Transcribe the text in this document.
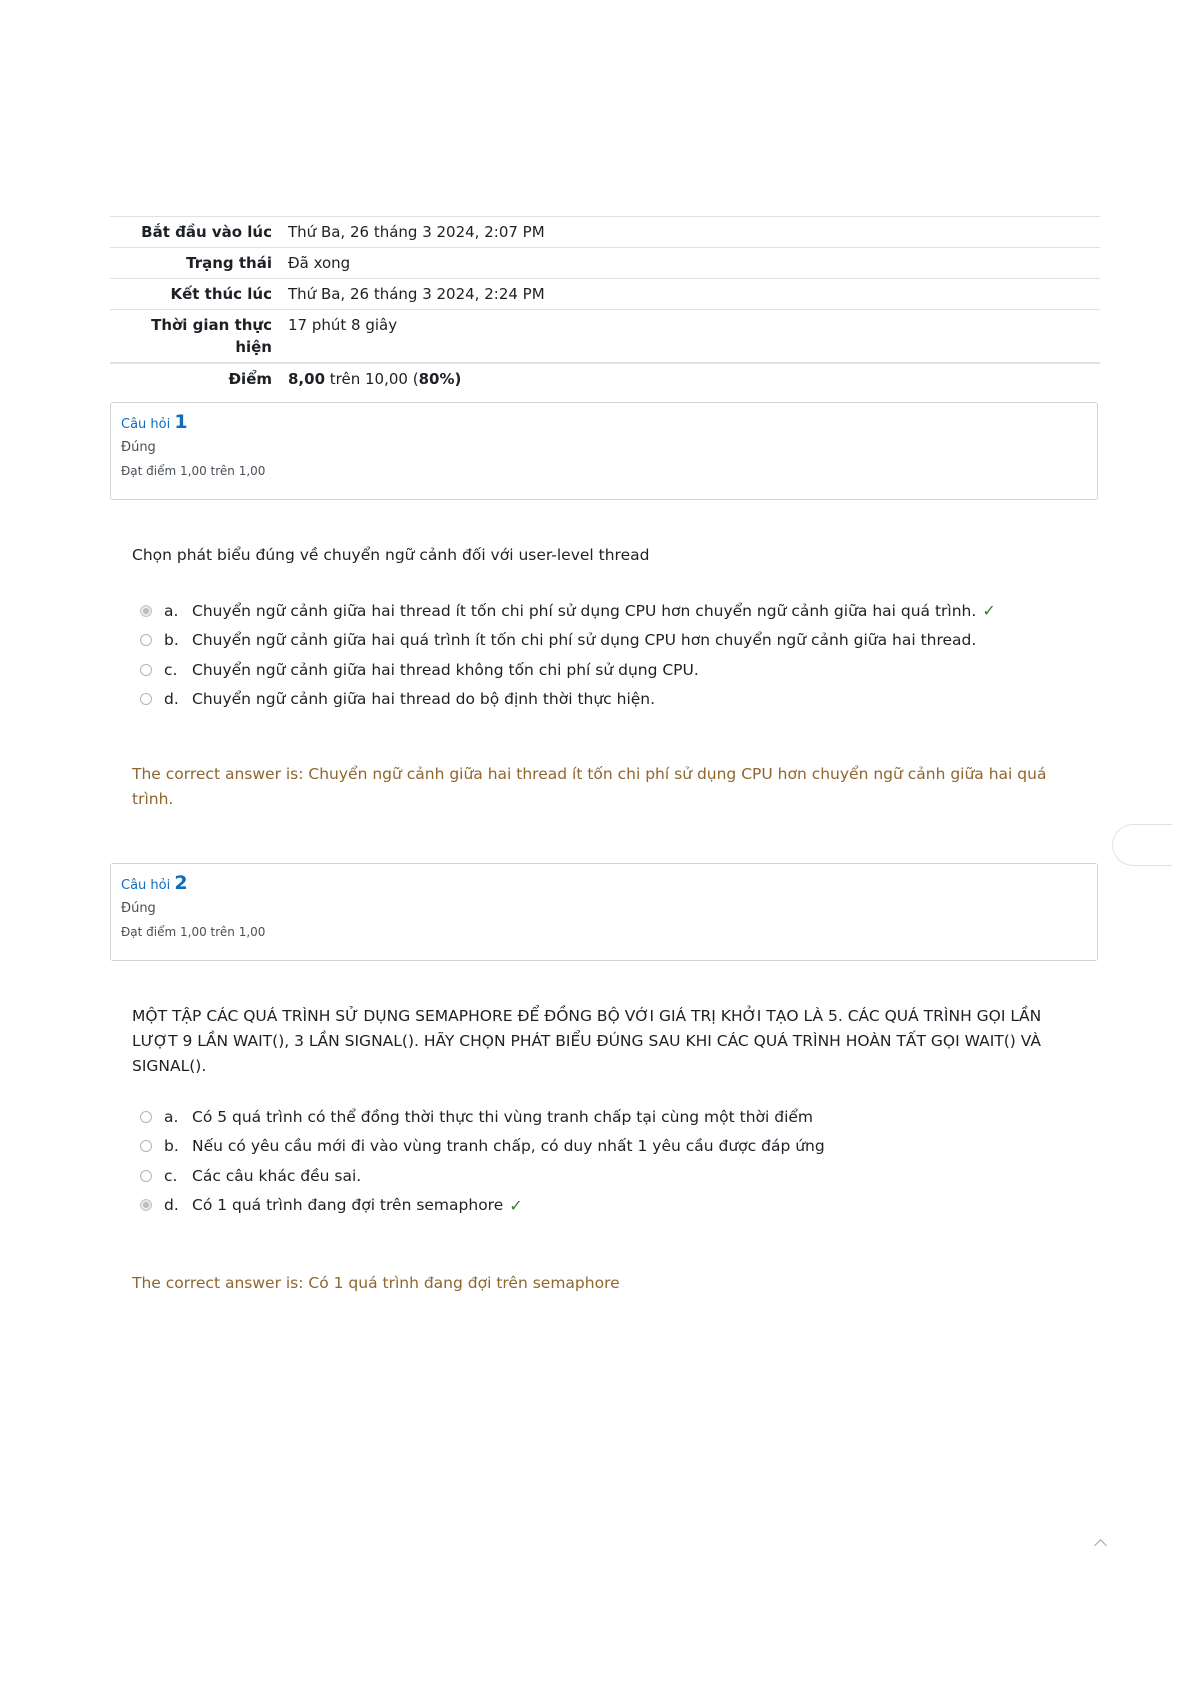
Bắt đầu vào lúc	Thứ Ba, 26 tháng 3 2024, 2:07 PM
Trạng thái	Đã xong
Kết thúc lúc	Thứ Ba, 26 tháng 3 2024, 2:24 PM
Thời gian thực hiện	17 phút 8 giây
Điểm	8,00 trên 10,00 (80%)
Câu hỏi 1
Đúng
Đạt điểm 1,00 trên 1,00
Chọn phát biểu đúng về chuyển ngữ cảnh đối với user-level thread
a. Chuyển ngữ cảnh giữa hai thread ít tốn chi phí sử dụng CPU hơn chuyển ngữ cảnh giữa hai quá trình. ✓
b. Chuyển ngữ cảnh giữa hai quá trình ít tốn chi phí sử dụng CPU hơn chuyển ngữ cảnh giữa hai thread.
c. Chuyển ngữ cảnh giữa hai thread không tốn chi phí sử dụng CPU.
d. Chuyển ngữ cảnh giữa hai thread do bộ định thời thực hiện.
The correct answer is: Chuyển ngữ cảnh giữa hai thread ít tốn chi phí sử dụng CPU hơn chuyển ngữ cảnh giữa hai quá trình.
Câu hỏi 2
Đúng
Đạt điểm 1,00 trên 1,00
MỘT TẬP CÁC QUÁ TRÌNH SỬ DỤNG SEMAPHORE ĐỂ ĐỒNG BỘ VỚI GIÁ TRỊ KHỞI TẠO LÀ 5. CÁC QUÁ TRÌNH GỌI LẦN LƯỢT 9 LẦN WAIT(), 3 LẦN SIGNAL(). HÃY CHỌN PHÁT BIỂU ĐÚNG SAU KHI CÁC QUÁ TRÌNH HOÀN TẤT GỌI WAIT() VÀ SIGNAL().
a. Có 5 quá trình có thể đồng thời thực thi vùng tranh chấp tại cùng một thời điểm
b. Nếu có yêu cầu mới đi vào vùng tranh chấp, có duy nhất 1 yêu cầu được đáp ứng
c. Các câu khác đều sai.
d. Có 1 quá trình đang đợi trên semaphore ✓
The correct answer is: Có 1 quá trình đang đợi trên semaphore
